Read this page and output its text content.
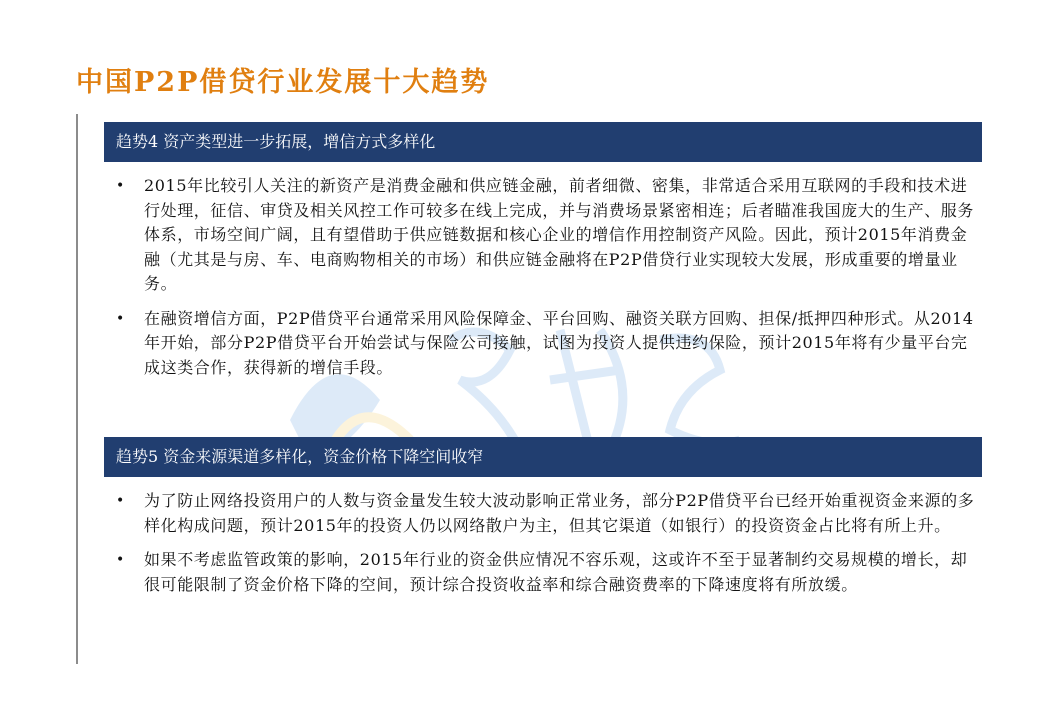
中国P2P借贷行业发展十大趋势
趋势4 资产类型进一步拓展，增信方式多样化
• 2015年比较引人关注的新资产是消费金融和供应链金融，前者细微、密集，非常适合采用互联网的手段和技术进行处理，征信、审贷及相关风控工作可较多在线上完成，并与消费场景紧密相连；后者瞄准我国庞大的生产、服务体系，市场空间广阔，且有望借助于供应链数据和核心企业的增信作用控制资产风险。因此，预计2015年消费金融（尤其是与房、车、电商购物相关的市场）和供应链金融将在P2P借贷行业实现较大发展，形成重要的增量业务。
• 在融资增信方面，P2P借贷平台通常采用风险保障金、平台回购、融资关联方回购、担保/抵押四种形式。从2014年开始，部分P2P借贷平台开始尝试与保险公司接触，试图为投资人提供违约保险，预计2015年将有少量平台完成这类合作，获得新的增信手段。
趋势5 资金来源渠道多样化，资金价格下降空间收窄
• 为了防止网络投资用户的人数与资金量发生较大波动影响正常业务，部分P2P借贷平台已经开始重视资金来源的多样化构成问题，预计2015年的投资人仍以网络散户为主，但其它渠道（如银行）的投资资金占比将有所上升。
• 如果不考虑监管政策的影响，2015年行业的资金供应情况不容乐观，这或许不至于显著制约交易规模的增长，却很可能限制了资金价格下降的空间，预计综合投资收益率和综合融资费率的下降速度将有所放缓。
